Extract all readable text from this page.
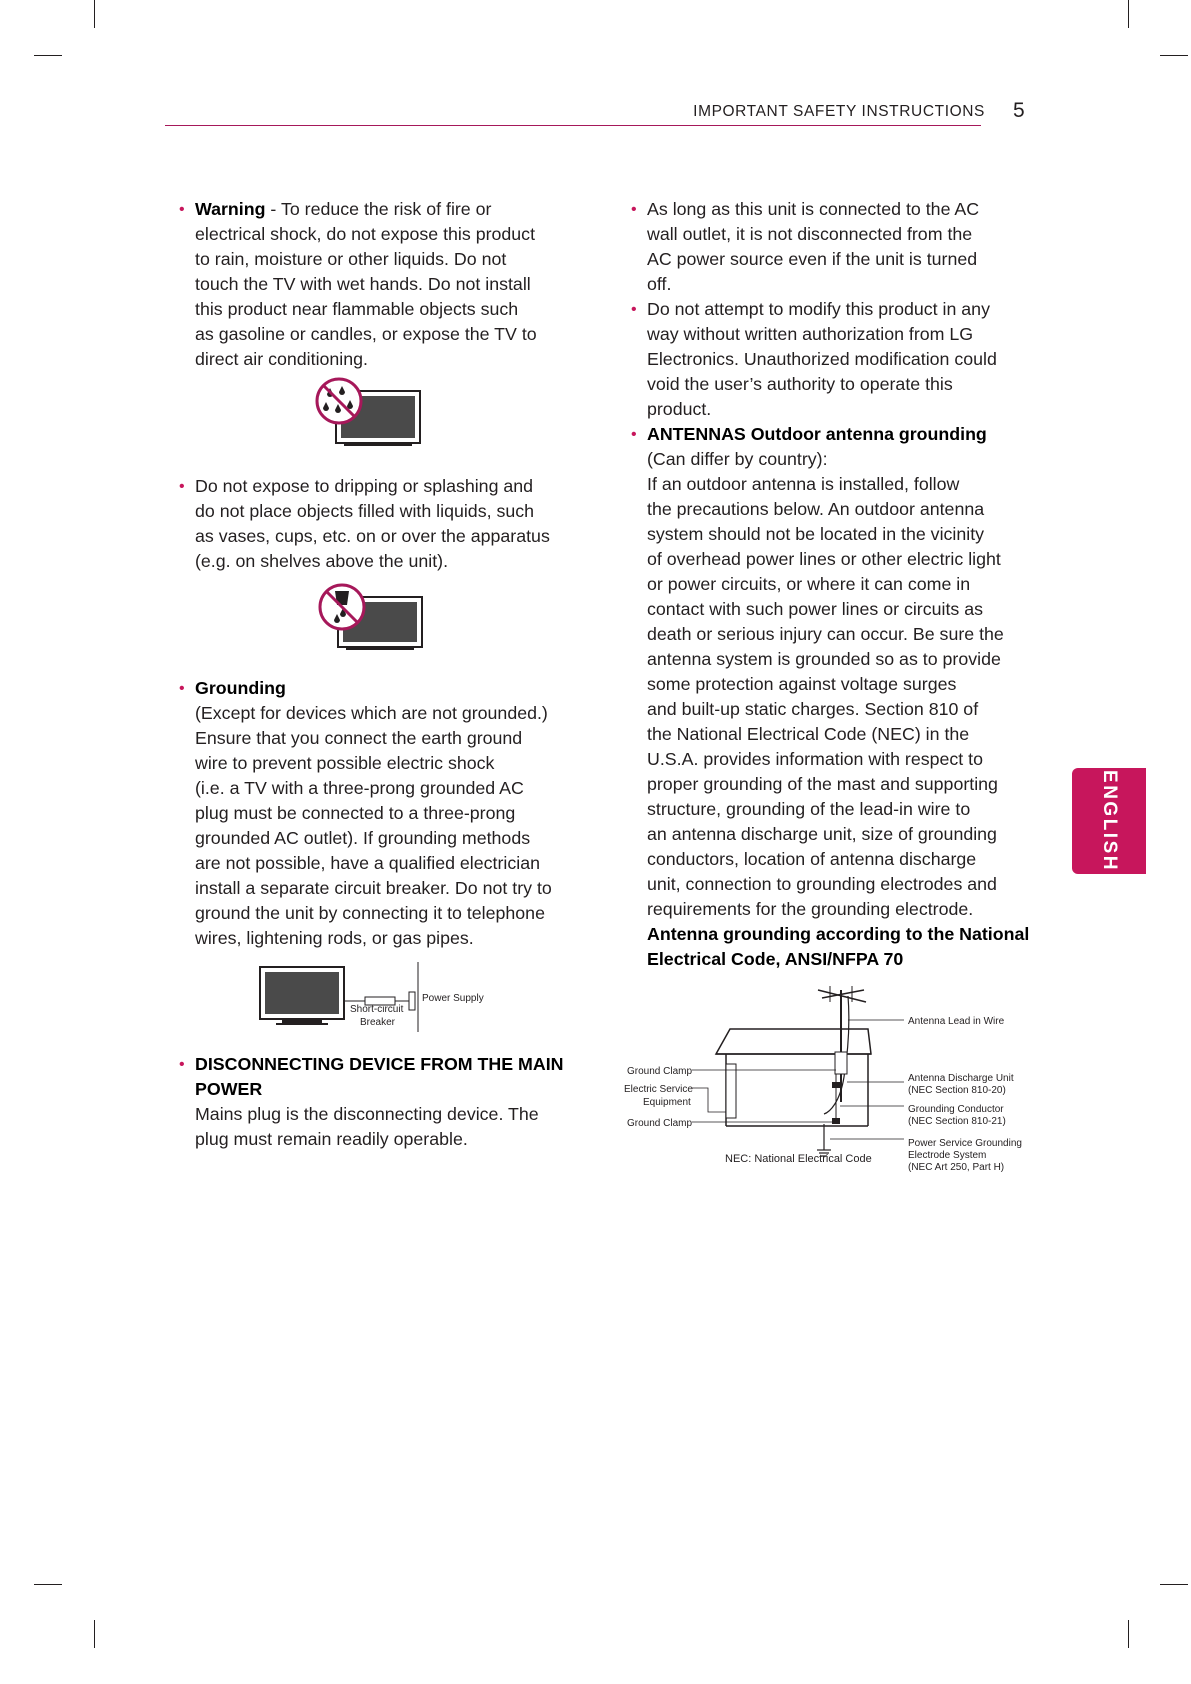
IMPORTANT SAFETY INSTRUCTIONS 5
ENGLISH
• Warning - To reduce the risk of fire or
electrical shock, do not expose this product
to rain, moisture or other liquids. Do not
touch the TV with wet hands. Do not install
this product near flammable objects such
as gasoline or candles, or expose the TV to
direct air conditioning.

• Do not expose to dripping or splashing and
do not place objects filled with liquids, such
as vases, cups, etc. on or over the apparatus
(e.g. on shelves above the unit).

• Grounding

(Except for devices which are not grounded.)
Ensure that you connect the earth ground
wire to prevent possible electric shock
(i.e. a TV with a three-prong grounded AC
plug must be connected to a three-prong
grounded AC outlet). If grounding methods
are not possible, have a qualified electrician
install a separate circuit breaker. Do not try to
ground the unit by connecting it to telephone
wires, lightening rods, or gas pipes.

Power Supply
Short-circuit
Breaker
• DISCONNECTING DEVICE FROM THE MAIN
POWER

Mains plug is the disconnecting device. The
plug must remain readily operable.

• As long as this unit is connected to the AC
wall outlet, it is not disconnected from the
AC power source even if the unit is turned
off.

• Do not attempt to modify this product in any
way without written authorization from LG
Electronics. Unauthorized modification could
void the user’s authority to operate this
product.

• ANTENNAS Outdoor antenna grounding

(Can differ by country):
If an outdoor antenna is installed, follow
the precautions below. An outdoor antenna
system should not be located in the vicinity
of overhead power lines or other electric light
or power circuits, or where it can come in
contact with such power lines or circuits as
death or serious injury can occur. Be sure the
antenna system is grounded so as to provide
some protection against voltage surges
and built-up static charges. Section 810 of
the National Electrical Code (NEC) in the
U.S.A. provides information with respect to
proper grounding of the mast and supporting
structure, grounding of the lead-in wire to
an antenna discharge unit, size of grounding
conductors, location of antenna discharge
unit, connection to grounding electrodes and
requirements for the grounding electrode.

Antenna grounding according to the National
Electrical Code, ANSI/NFPA 70

Ground Clamp
Electric Service
Equipment
Ground Clamp
Antenna Lead in Wire
Antenna Discharge Unit
(NEC Section 810-20)
Grounding Conductor
(NEC Section 810-21)
Power Service Grounding
Electrode System
(NEC Art 250, Part H)
NEC: National Electrical Code
